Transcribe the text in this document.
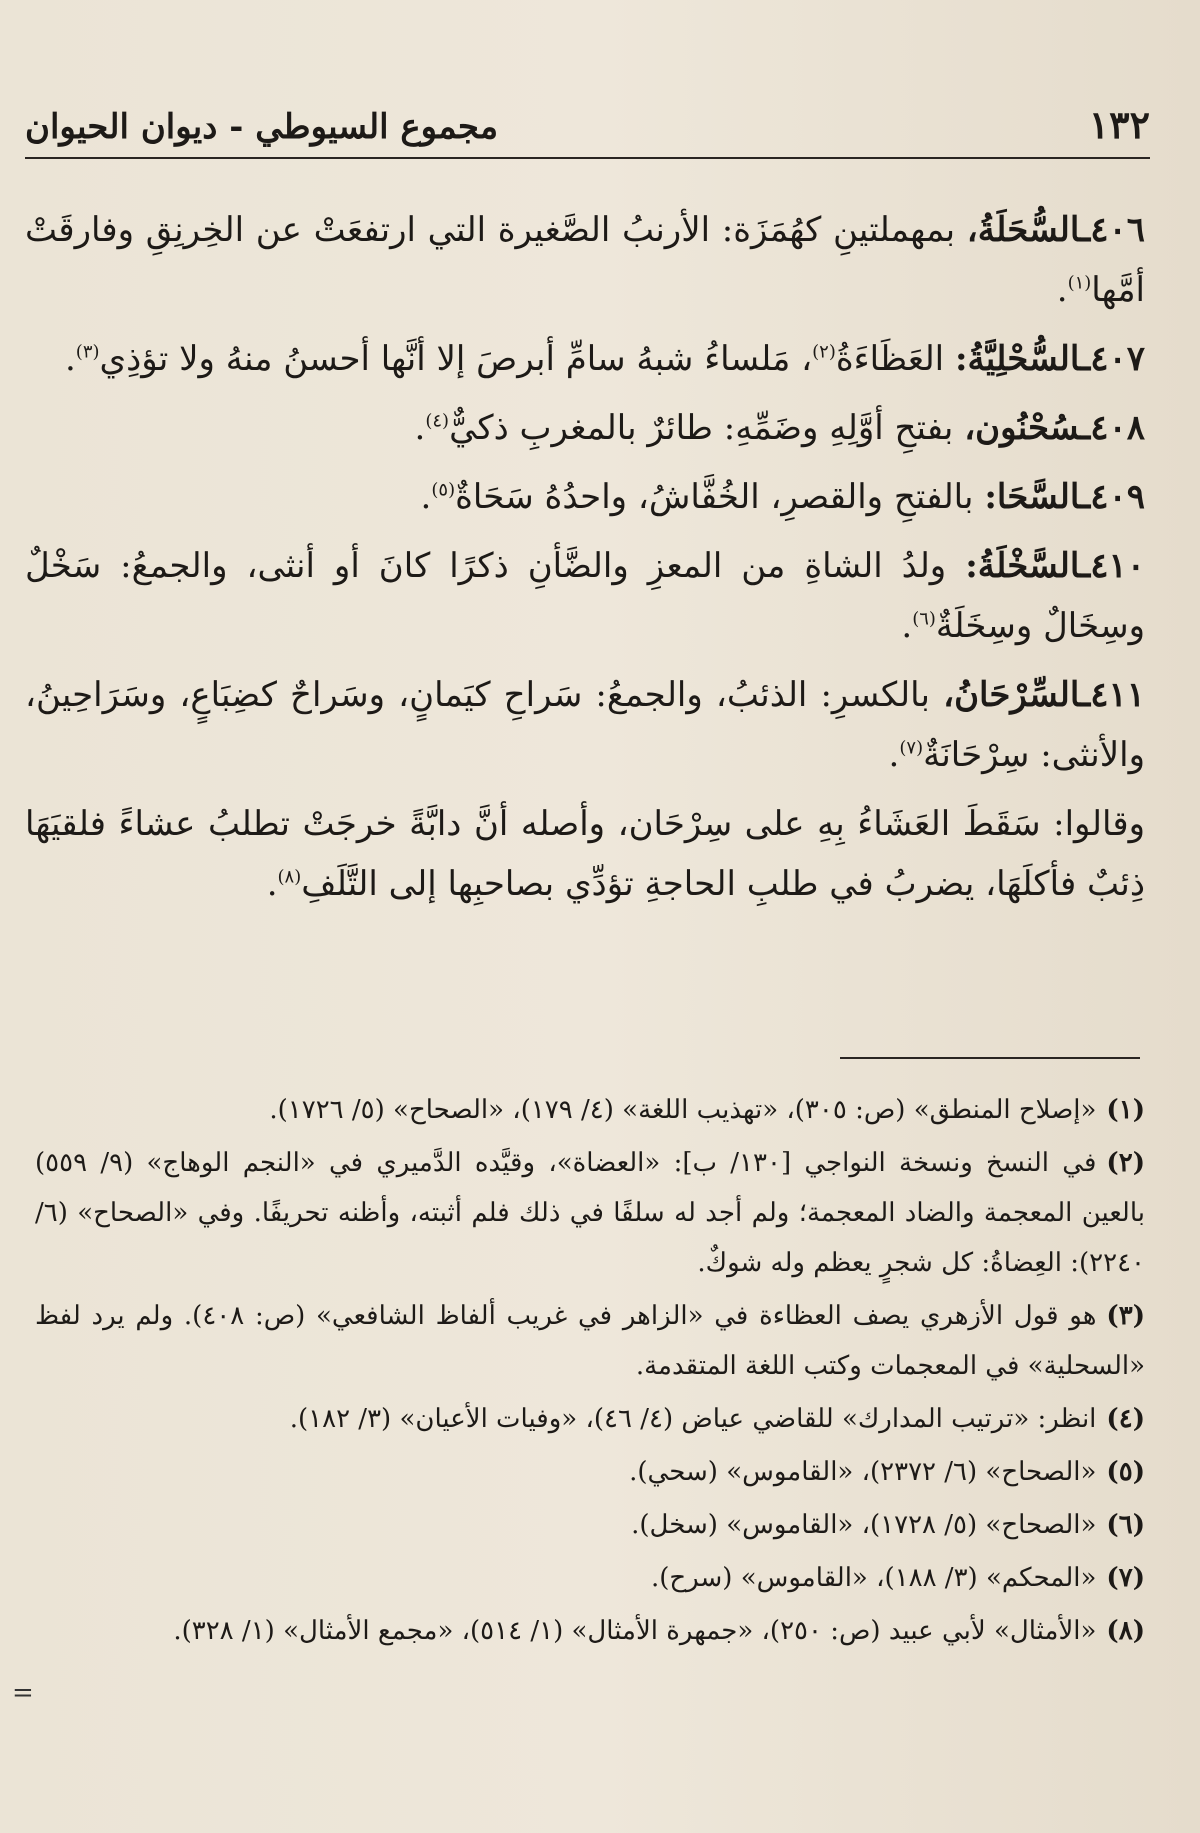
١٣٢
مجموع السيوطي - ديوان الحيوان

٤٠٦ـالسُّحَلَةُ، بمهملتينِ كهُمَزَة: الأرنبُ الصَّغيرة التي ارتفعَتْ عن الخِرنِقِ وفارقَتْ أمَّها$^{(١)}$.

٤٠٧ـالسُّحْلِيَّةُ: العَظَاءَةُ$^{(٢)}$، مَلساءُ شبهُ سامِّ أبرصَ إلا أنَّها أحسنُ منهُ ولا تؤذِي$^{(٣)}$.

٤٠٨ـسُحْنُون، بفتحِ أوَّلِهِ وضَمِّهِ: طائرٌ بالمغربِ ذكيٌّ$^{(٤)}$.

٤٠٩ـالسَّحَا: بالفتحِ والقصرِ، الخُفَّاشُ، واحدُهُ سَحَاةٌ$^{(٥)}$.

٤١٠ـالسَّخْلَةُ: ولدُ الشاةِ من المعزِ والضَّأنِ ذكرًا كانَ أو أنثى، والجمعُ: سَخْلٌ وسِخَالٌ وسِخَلَةٌ$^{(٦)}$.

٤١١ـالسِّرْحَانُ، بالكسرِ: الذئبُ، والجمعُ: سَراحِ كيَمانٍ، وسَراحٌ كضِبَاعٍ، وسَرَاحِينُ، والأنثى: سِرْحَانَةٌ$^{(٧)}$.

وقالوا: سَقَطَ العَشَاءُ بِهِ على سِرْحَان، وأصله أنَّ دابَّةً خرجَتْ تطلبُ عشاءً فلقيَهَا ذِئبٌ فأكلَهَا، يضربُ في طلبِ الحاجةِ تؤدِّي بصاحبِها إلى التَّلَفِ$^{(٨)}$.

(١)«إصلاح المنطق» (ص: ٣٠٥)، «تهذيب اللغة» (٤/ ١٧٩)، «الصحاح» (٥/ ١٧٢٦).

(٢)في النسخ ونسخة النواجي [١٣٠/ ب]: «العضاة»، وقيَّده الدَّميري في «النجم الوهاج» (٩/ ٥٥٩) بالعين المعجمة والضاد المعجمة؛ ولم أجد له سلفًا في ذلك فلم أثبته، وأظنه تحريفًا. وفي «الصحاح» (٦/ ٢٢٤٠): العِضاةُ: كل شجرٍ يعظم وله شوكٌ.

(٣)هو قول الأزهري يصف العظاءة في «الزاهر في غريب ألفاظ الشافعي» (ص: ٤٠٨). ولم يرد لفظ «السحلية» في المعجمات وكتب اللغة المتقدمة.

(٤)انظر: «ترتيب المدارك» للقاضي عياض (٤/ ٤٦)، «وفيات الأعيان» (٣/ ١٨٢).

(٥)«الصحاح» (٦/ ٢٣٧٢)، «القاموس» (سحي).

(٦)«الصحاح» (٥/ ١٧٢٨)، «القاموس» (سخل).

(٧)«المحكم» (٣/ ١٨٨)، «القاموس» (سرح).

(٨)«الأمثال» لأبي عبيد (ص: ٢٥٠)، «جمهرة الأمثال» (١/ ٥١٤)، «مجمع الأمثال» (١/ ٣٢٨).

=
